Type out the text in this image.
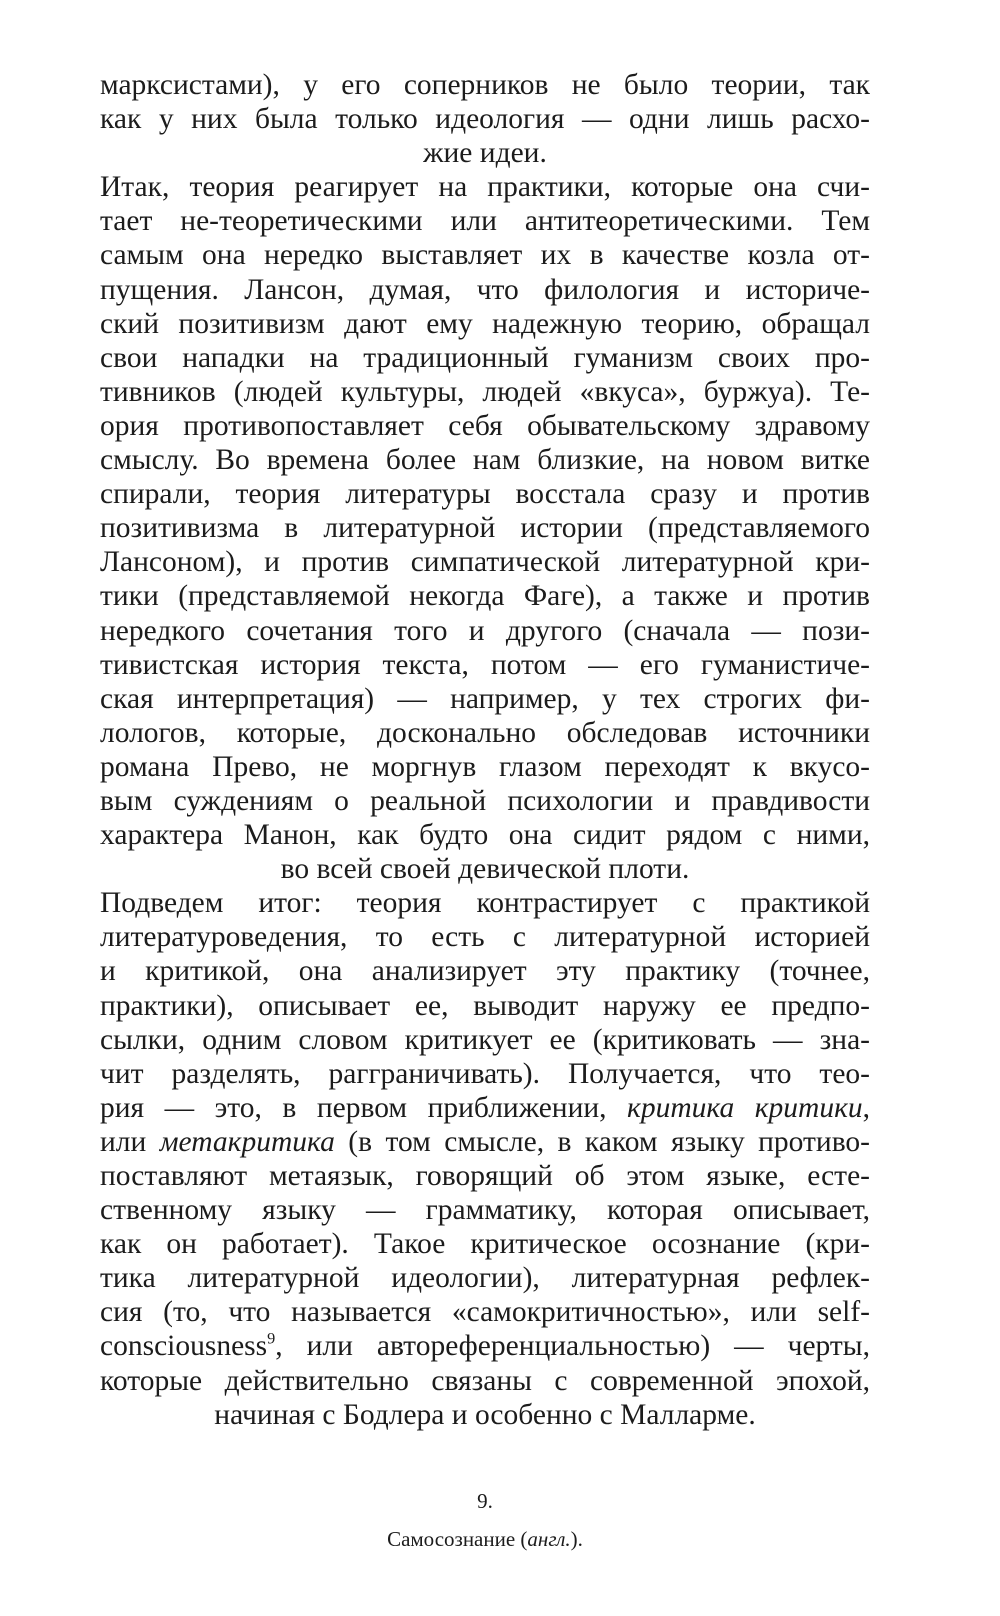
марксистами), у его соперников не было теории, так
как у них была только идеология — одни лишь расхо-
жие идеи.
Итак, теория реагирует на практики, которые она счи-
тает не-теоретическими или антитеоретическими. Тем
самым она нередко выставляет их в качестве козла от-
пущения. Лансон, думая, что филология и историче-
ский позитивизм дают ему надежную теорию, обращал
свои нападки на традиционный гуманизм своих про-
тивников (людей культуры, людей «вкуса», буржуа). Те-
ория противопоставляет себя обывательскому здравому
смыслу. Во времена более нам близкие, на новом витке
спирали, теория литературы восстала сразу и против
позитивизма в литературной истории (представляемого
Лансоном), и против симпатической литературной кри-
тики (представляемой некогда Фаге), а также и против
нередкого сочетания того и другого (сначала — пози-
тивистская история текста, потом — его гуманистиче-
ская интерпретация) — например, у тех строгих фи-
лологов, которые, досконально обследовав источники
романа Прево, не моргнув глазом переходят к вкусо-
вым суждениям о реальной психологии и правдивости
характера Манон, как будто она сидит рядом с ними,
во всей своей девической плоти.
Подведем итог: теория контрастирует с практикой
литературоведения, то есть с литературной историей
и критикой, она анализирует эту практику (точнее,
практики), описывает ее, выводит наружу ее предпо-
сылки, одним словом критикует ее (критиковать — зна-
чит разделять, рагграничивать). Получается, что тео-
рия — это, в первом приближении, критика критики,
или метакритика (в том смысле, в каком языку противо-
поставляют метаязык, говорящий об этом языке, есте-
ственному языку — грамматику, которая описывает,
как он работает). Такое критическое осознание (кри-
тика литературной идеологии), литературная рефлек-
сия (то, что называется «самокритичностью», или self-
consciousness$^9$, или автореференциальностью) — черты,
которые действительно связаны с современной эпохой,
начиная с Бодлера и особенно с Малларме.
9.
Самосознание (англ.).
